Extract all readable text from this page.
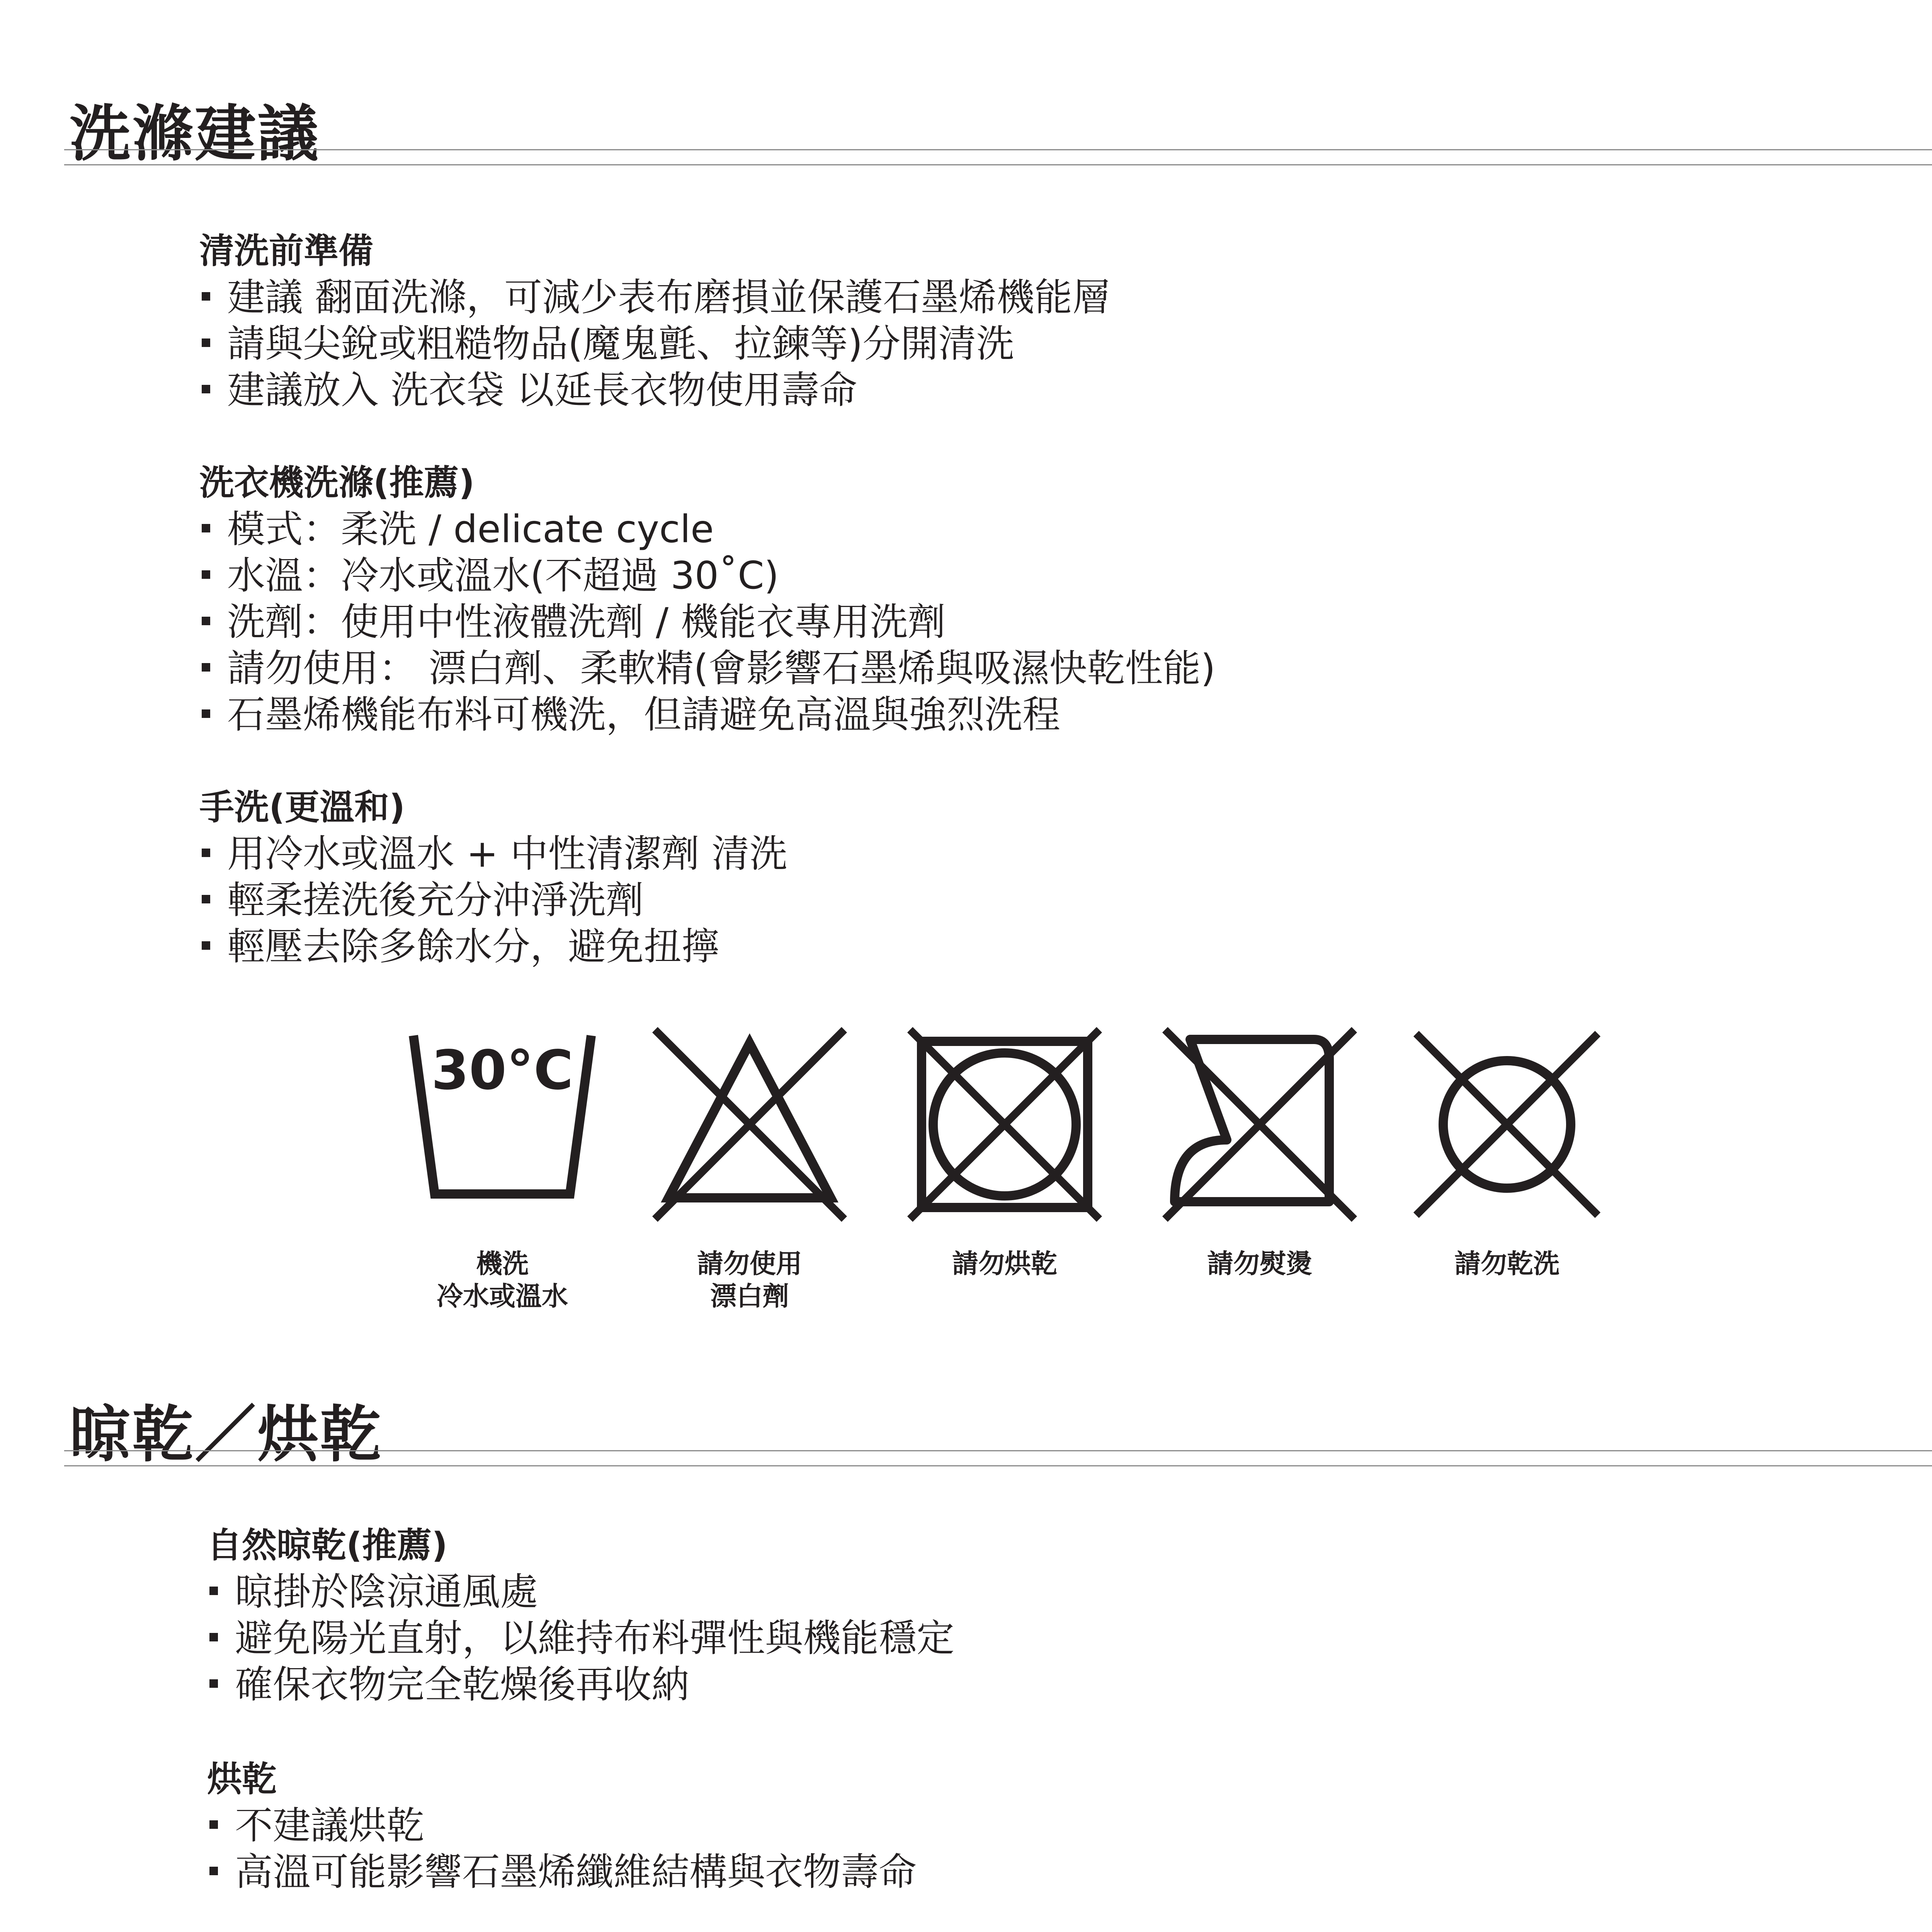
洗滌建議
清洗前準備
建議 翻面洗滌，可減少表布磨損並保護石墨烯機能層
請與尖銳或粗糙物品(魔鬼氈、拉鍊等)分開清洗
建議放入 洗衣袋 以延長衣物使用壽命
洗衣機洗滌(推薦)
模式：柔洗 / delicate cycle
水溫：冷水或溫水(不超過 30˚C)
洗劑：使用中性液體洗劑 / 機能衣專用洗劑
請勿使用： 漂白劑、柔軟精(會影響石墨烯與吸濕快乾性能)
石墨烯機能布料可機洗，但請避免高溫與強烈洗程
手洗(更溫和)
用冷水或溫水 + 中性清潔劑 清洗
輕柔搓洗後充分沖淨洗劑
輕壓去除多餘水分，避免扭擰
30°C
機洗
冷水或溫水
請勿使用
漂白劑
請勿烘乾	請勿熨燙	請勿乾洗
晾乾／烘乾
自然晾乾(推薦)
晾掛於陰涼通風處
避免陽光直射，以維持布料彈性與機能穩定
確保衣物完全乾燥後再收納
烘乾
不建議烘乾
高溫可能影響石墨烯纖維結構與衣物壽命
